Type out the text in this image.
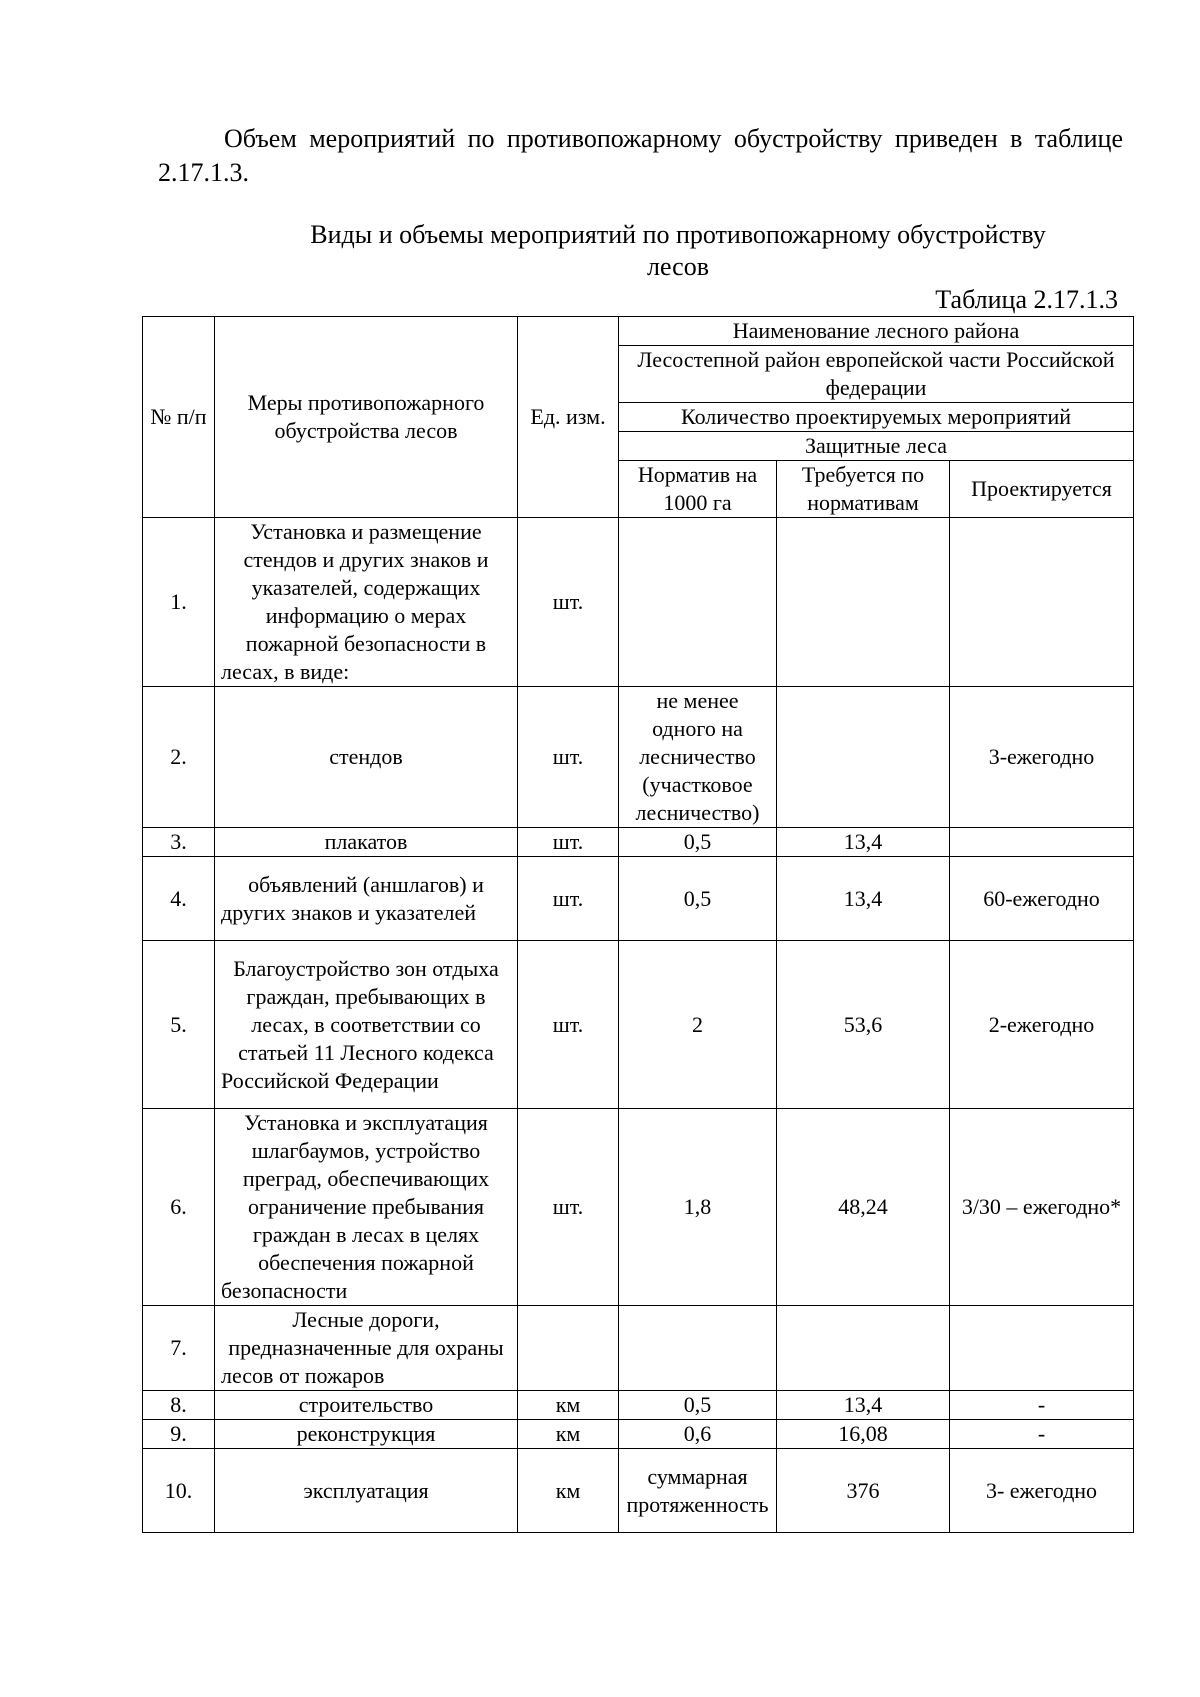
Объем мероприятий по противопожарному обустройству приведен в таблице 2.17.1.3.
Виды и объемы мероприятий по противопожарному обустройству
лесов
Таблица 2.17.1.3
№ п/п	Меры противопожарного обустройства лесов	Ед. изм.	Наименование лесного района		
			Лесостепной район европейской части Российской федерации		
			Количество проектируемых мероприятий		
			Защитные леса		
			Норматив на 1000 га	Требуется по нормативам	Проектируется

1.	Установка и размещение стендов и других знаков и указателей, содержащих информацию о мерах пожарной безопасности в лесах, в виде:	шт.			
2.	стендов	шт.	не менее одного на лесничество (участковое лесничество)		3-ежегодно
3.	плакатов	шт.	0,5	13,4	
4.	объявлений (аншлагов) и других знаков и указателей	шт.	0,5	13,4	60-ежегодно
5.	Благоустройство зон отдыха граждан, пребывающих в лесах, в соответствии со статьей 11 Лесного кодекса Российской Федерации	шт.	2	53,6	2-ежегодно
6.	Установка и эксплуатация шлагбаумов, устройство преград, обеспечивающих ограничение пребывания граждан в лесах в целях обеспечения пожарной безопасности	шт.	1,8	48,24	3/30 – ежегодно*
7.	Лесные дороги, предназначенные для охраны лесов от пожаров				
8.	строительство	км	0,5	13,4	-
9.	реконструкция	км	0,6	16,08	-
10.	эксплуатация	км	суммарная протяженность	376	3- ежегодно
